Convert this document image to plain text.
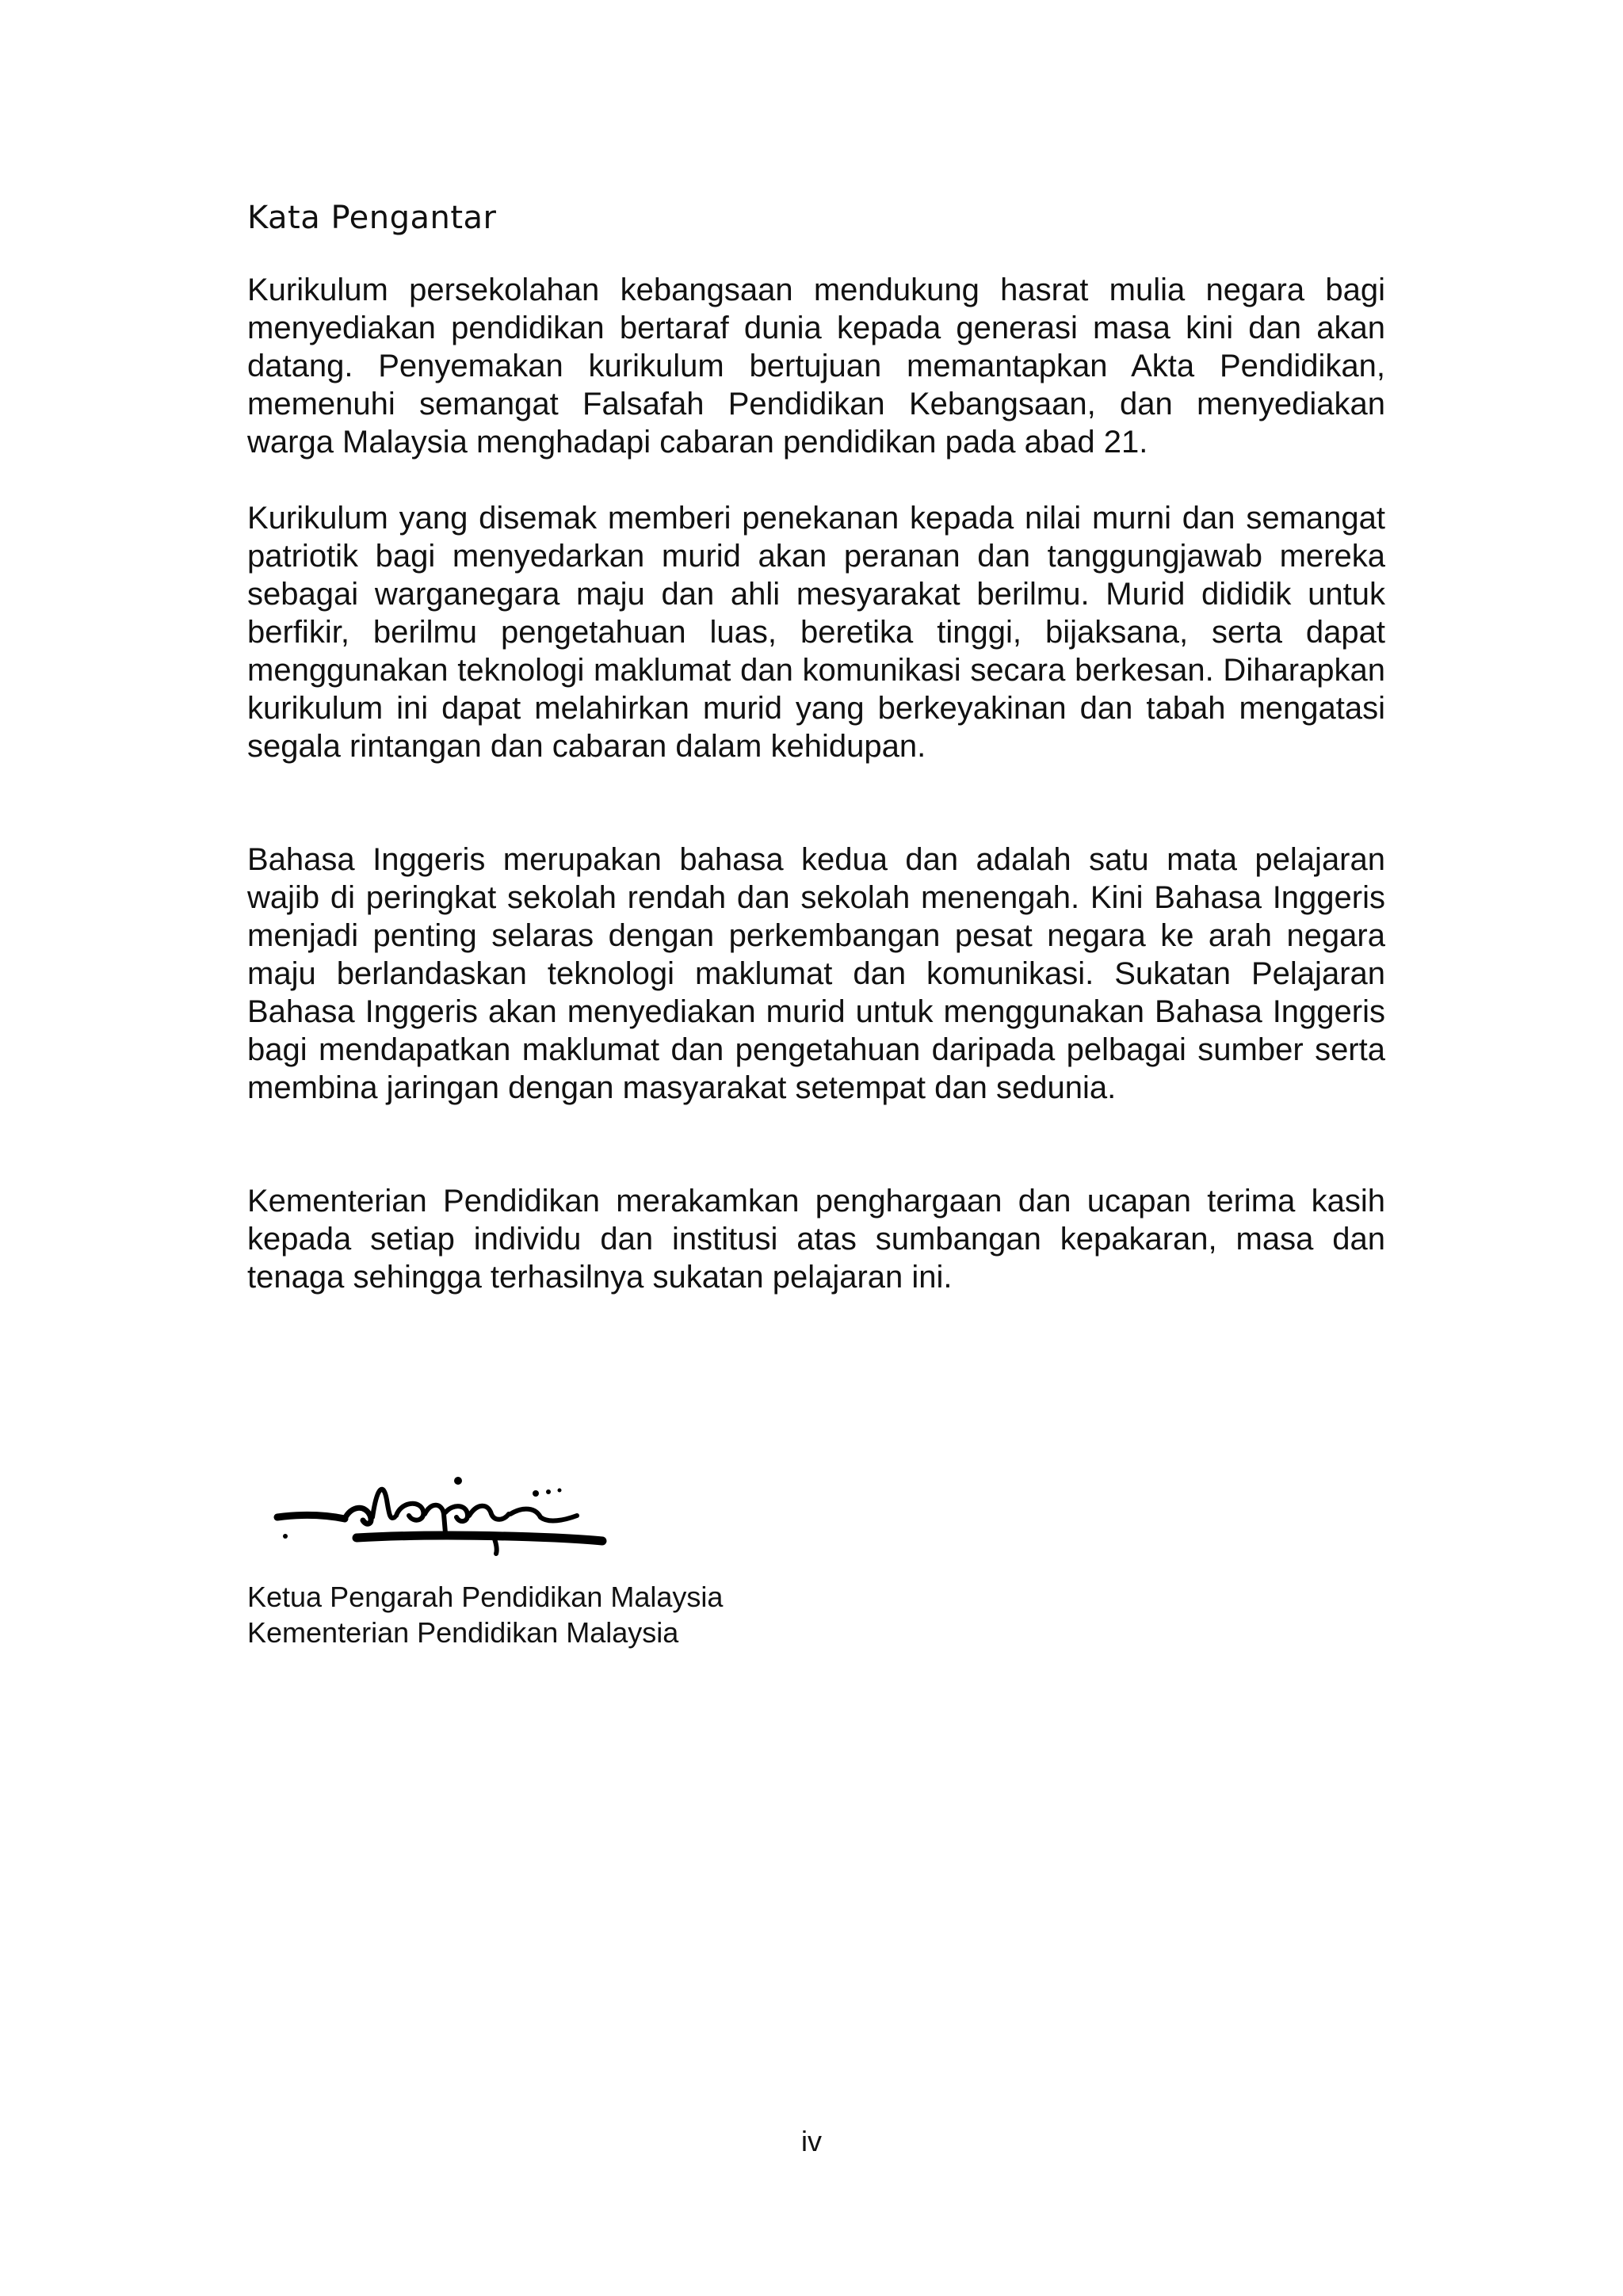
Kata Pengantar

Kurikulum persekolahan kebangsaan mendukung hasrat mulia negara bagi menyediakan pendidikan bertaraf dunia kepada generasi masa kini dan akan datang. Penyemakan kurikulum bertujuan memantapkan Akta Pendidikan, memenuhi semangat Falsafah Pendidikan Kebangsaan, dan menyediakan warga Malaysia menghadapi cabaran pendidikan pada abad 21.

Kurikulum yang disemak memberi penekanan kepada nilai murni dan semangat patriotik bagi menyedarkan murid akan peranan dan tanggungjawab mereka sebagai warganegara maju dan ahli mesyarakat berilmu. Murid dididik untuk berfikir, berilmu pengetahuan luas, beretika tinggi, bijaksana, serta dapat menggunakan teknologi maklumat dan komunikasi secara berkesan. Diharapkan kurikulum ini dapat melahirkan murid yang berkeyakinan dan tabah mengatasi segala rintangan dan cabaran dalam kehidupan.

Bahasa Inggeris merupakan bahasa kedua dan adalah satu mata pelajaran wajib di peringkat sekolah rendah dan sekolah menengah. Kini Bahasa Inggeris menjadi penting selaras dengan perkembangan pesat negara ke arah negara maju berlandaskan teknologi maklumat dan komunikasi. Sukatan Pelajaran Bahasa Inggeris akan menyediakan murid untuk menggunakan Bahasa Inggeris bagi mendapatkan maklumat dan pengetahuan daripada pelbagai sumber serta membina jaringan dengan masyarakat setempat dan sedunia.

Kementerian Pendidikan merakamkan penghargaan dan ucapan terima kasih kepada setiap individu dan institusi atas sumbangan kepakaran, masa dan tenaga sehingga terhasilnya sukatan pelajaran ini.

Ketua Pengarah Pendidikan Malaysia
Kementerian Pendidikan Malaysia
iv
